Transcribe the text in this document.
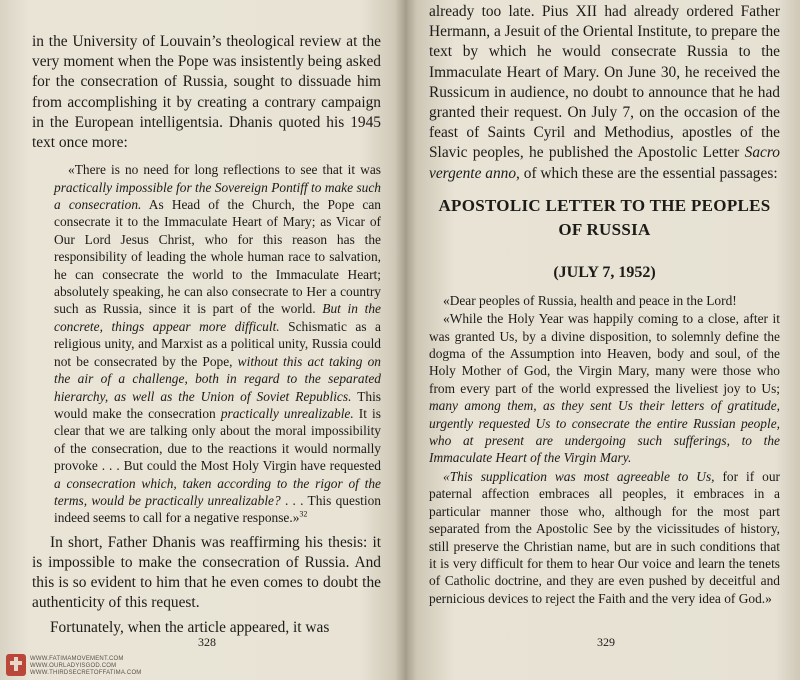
in the University of Louvain’s theological review at the very moment when the Pope was insistently being asked for the consecration of Russia, sought to dissuade him from accomplishing it by creating a contrary campaign in the European intelligentsia. Dhanis quoted his 1945 text once more:

«There is no need for long reflections to see that it was practically impossible for the Sovereign Pontiff to make such a consecration. As Head of the Church, the Pope can consecrate it to the Immaculate Heart of Mary; as Vicar of Our Lord Jesus Christ, who for this reason has the responsibility of leading the whole human race to salvation, he can consecrate the world to the Immaculate Heart; absolutely speaking, he can also consecrate to Her a country such as Russia, since it is part of the world. But in the concrete, things appear more difficult. Schismatic as a religious unity, and Marxist as a political unity, Russia could not be consecrated by the Pope, without this act taking on the air of a challenge, both in regard to the separated hierarchy, as well as the Union of Soviet Republics. This would make the consecration practically unrealizable. It is clear that we are talking only about the moral impossibility of the consecration, due to the reactions it would normally provoke . . . But could the Most Holy Virgin have requested a consecration which, taken according to the rigor of the terms, would be practically unrealizable? . . . This question indeed seems to call for a negative response.»$^{32}$

In short, Father Dhanis was reaffirming his thesis: it is impossible to make the consecration of Russia. And this is so evident to him that he even comes to doubt the authenticity of this request.

Fortunately, when the article appeared, it was

328
WWW.FATIMAMOVEMENT.COM
WWW.OURLADYISGOD.COM
WWW.THIRDSECRETOFFATIMA.COM

already too late. Pius XII had already ordered Father Hermann, a Jesuit of the Oriental Institute, to prepare the text by which he would consecrate Russia to the Immaculate Heart of Mary. On June 30, he received the Russicum in audience, no doubt to announce that he had granted their request. On July 7, on the occasion of the feast of Saints Cyril and Methodius, apostles of the Slavic peoples, he published the Apostolic Letter Sacro vergente anno, of which these are the essential passages:

APOSTOLIC LETTER TO THE PEOPLES OF RUSSIA
(JULY 7, 1952)

«Dear peoples of Russia, health and peace in the Lord!

«While the Holy Year was happily coming to a close, after it was granted Us, by a divine disposition, to solemnly define the dogma of the Assumption into Heaven, body and soul, of the Holy Mother of God, the Virgin Mary, many were those who from every part of the world expressed the liveliest joy to Us; many among them, as they sent Us their letters of gratitude, urgently requested Us to consecrate the entire Russian people, who at present are undergoing such sufferings, to the Immaculate Heart of the Virgin Mary.

«This supplication was most agreeable to Us, for if our paternal affection embraces all peoples, it embraces in a particular manner those who, although for the most part separated from the Apostolic See by the vicissitudes of history, still preserve the Christian name, but are in such conditions that it is very difficult for them to hear Our voice and learn the tenets of Catholic doctrine, and they are even pushed by deceitful and pernicious devices to reject the Faith and the very idea of God.»

329
